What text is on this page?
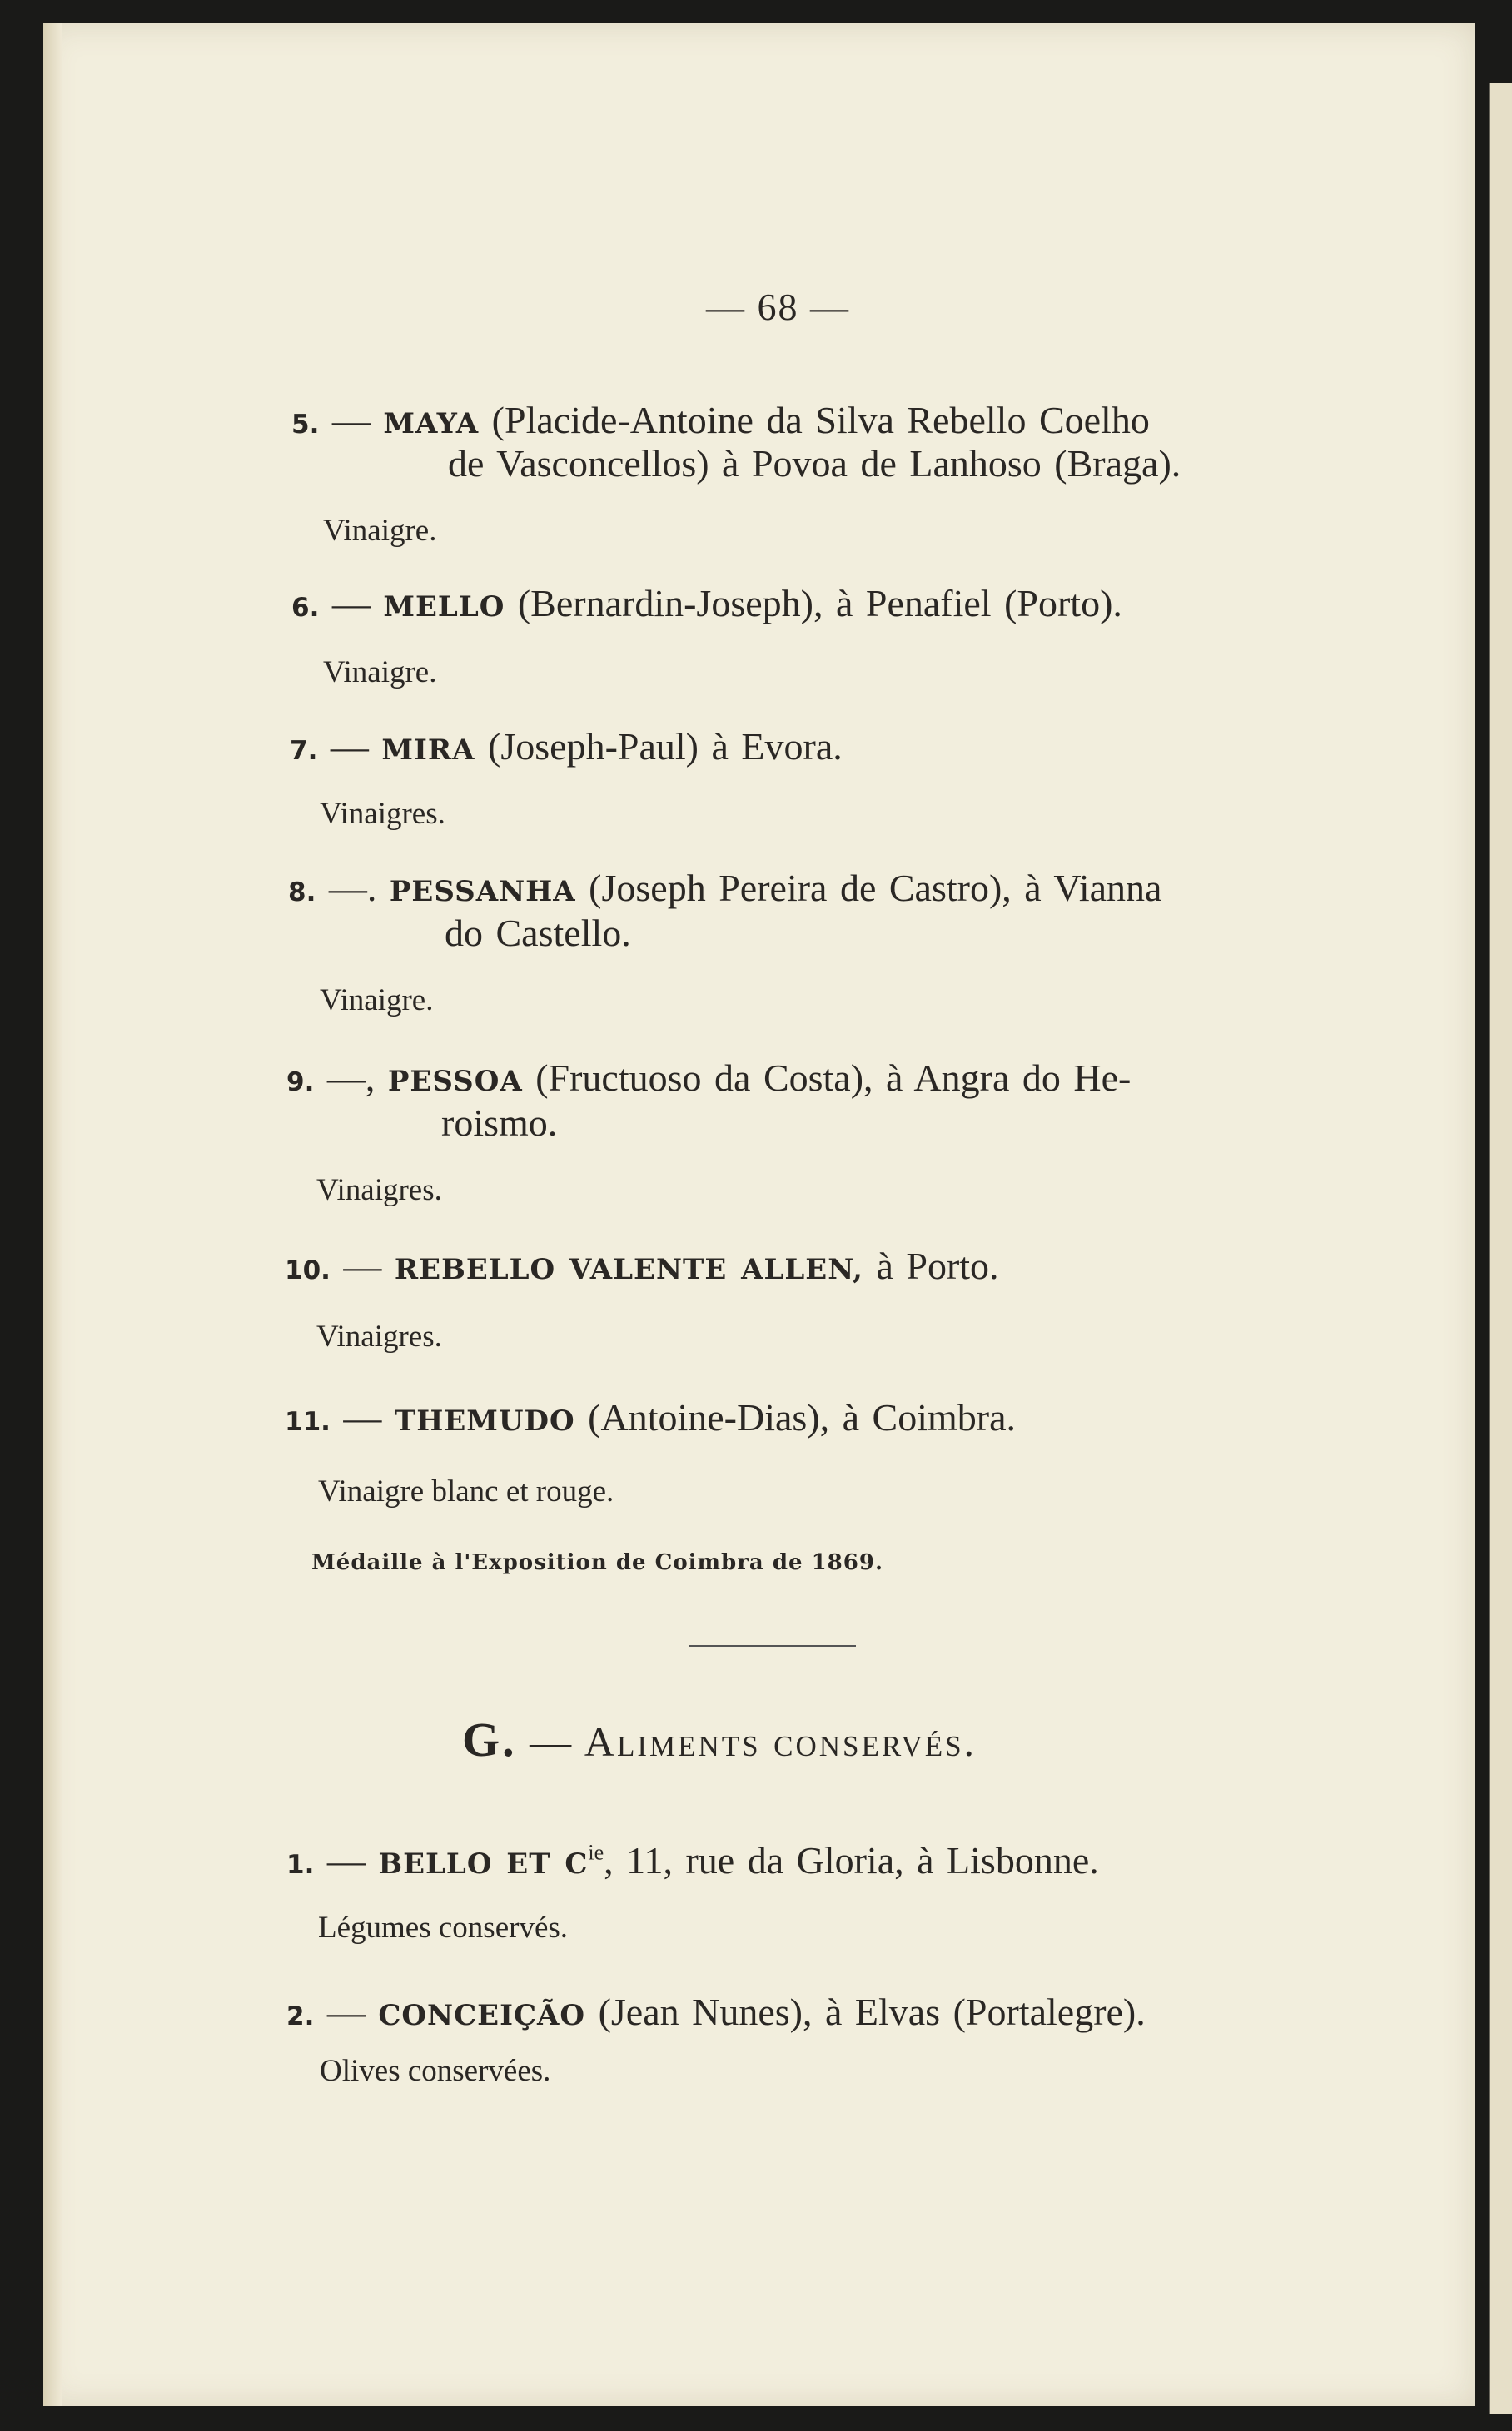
— 68 —
5. — MAYA (Placide-Antoine da Silva Rebello Coelho
de Vasconcellos) à Povoa de Lanhoso (Braga).
Vinaigre.
6. — MELLO (Bernardin-Joseph), à Penafiel (Porto).
Vinaigre.
7. — MIRA (Joseph-Paul) à Evora.
Vinaigres.
8. —. PESSANHA (Joseph Pereira de Castro), à Vianna
do Castello.
Vinaigre.
9. —, PESSOA (Fructuoso da Costa), à Angra do He-
roismo.
Vinaigres.
10. — REBELLO VALENTE ALLEN, à Porto.
Vinaigres.
11. — THEMUDO (Antoine-Dias), à Coimbra.
Vinaigre blanc et rouge.
Médaille à l'Exposition de Coimbra de 1869.
G. — Aliments conservés.
1. — BELLO ET $C^{ie}$, 11, rue da Gloria, à Lisbonne.
Légumes conservés.
2. — CONCEIÇÃO (Jean Nunes), à Elvas (Portalegre).
Olives conservées.
